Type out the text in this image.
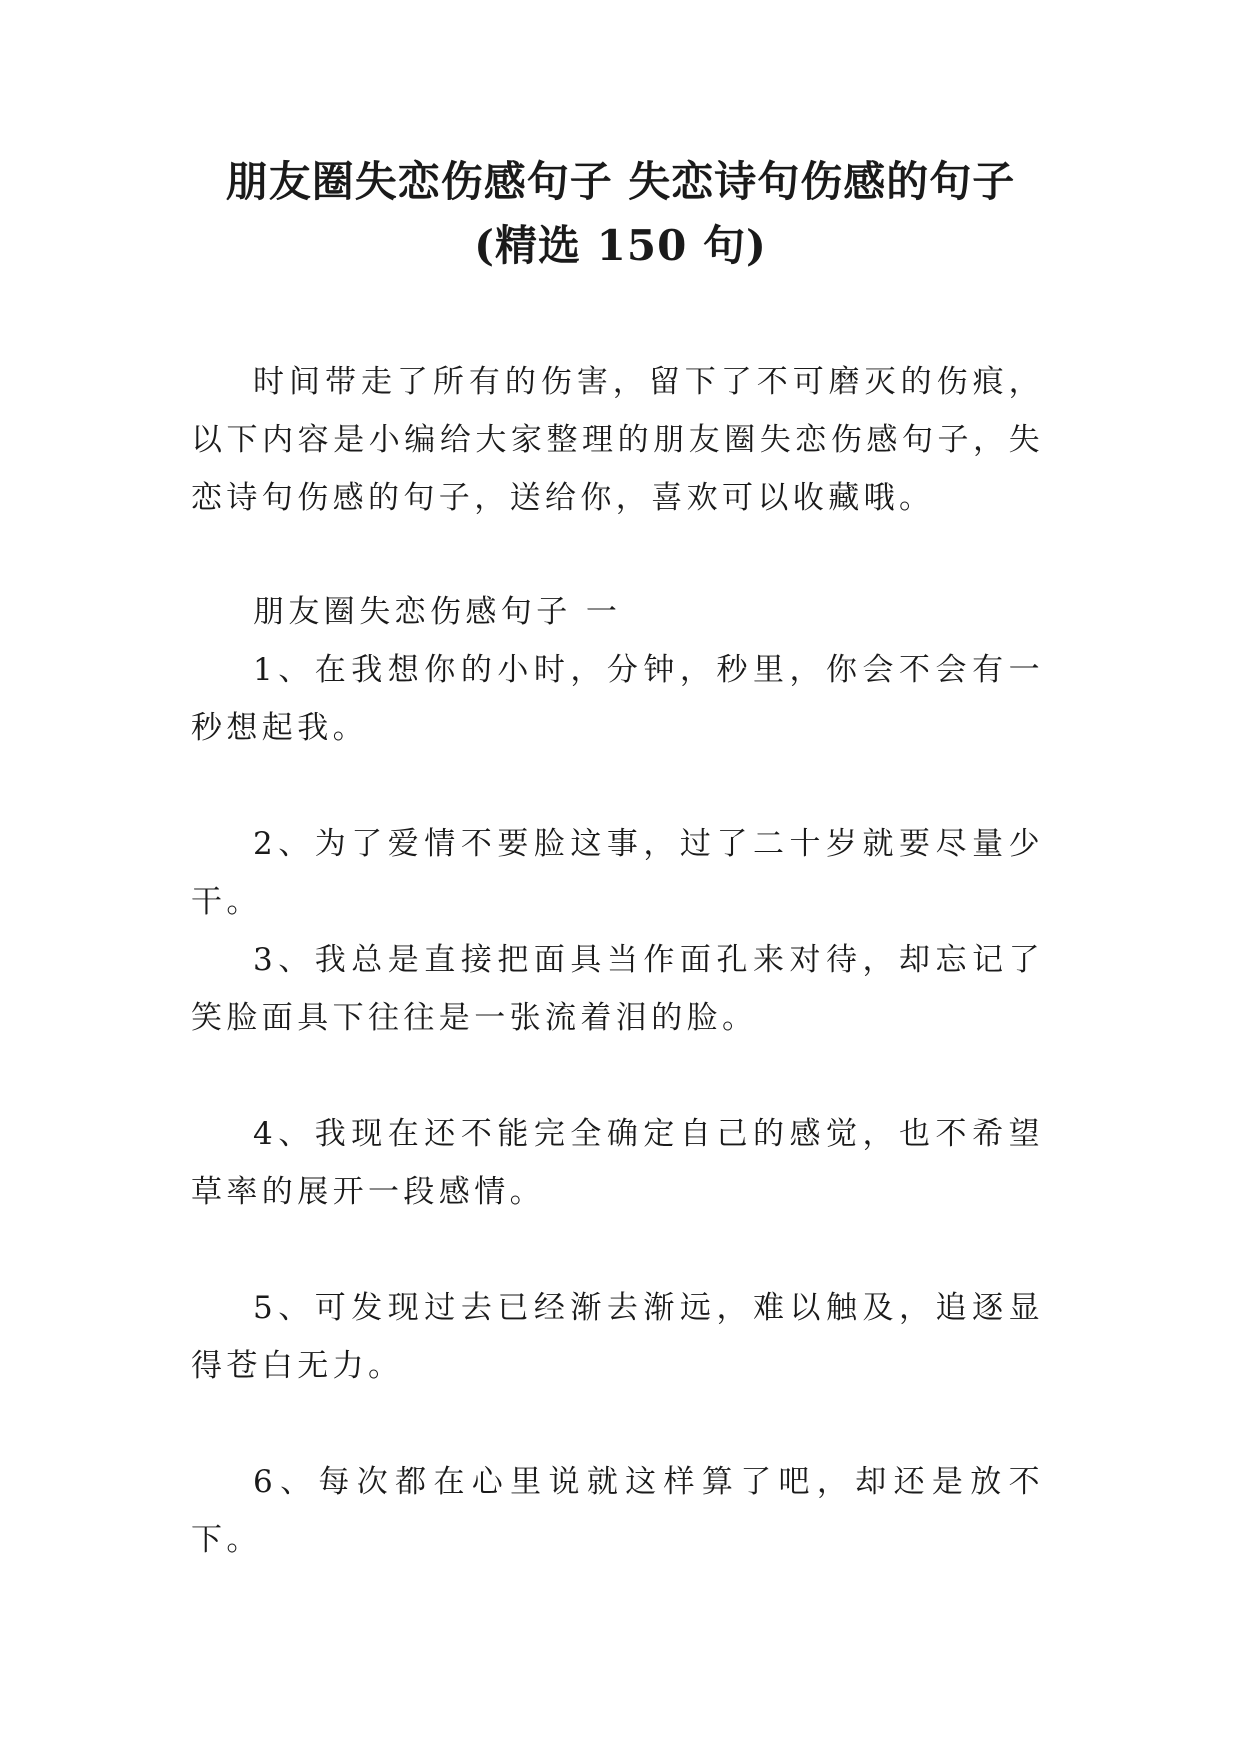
朋友圈失恋伤感句子 失恋诗句伤感的句子
(精选 150 句)

时间带走了所有的伤害，留下了不可磨灭的伤痕，以下内容是小编给大家整理的朋友圈失恋伤感句子，失恋诗句伤感的句子，送给你，喜欢可以收藏哦。

朋友圈失恋伤感句子 一

1、在我想你的小时，分钟，秒里，你会不会有一秒想起我。

2、为了爱情不要脸这事，过了二十岁就要尽量少干。

3、我总是直接把面具当作面孔来对待，却忘记了笑脸面具下往往是一张流着泪的脸。

4、我现在还不能完全确定自己的感觉，也不希望草率的展开一段感情。

5、可发现过去已经渐去渐远，难以触及，追逐显得苍白无力。

6、每次都在心里说就这样算了吧，却还是放不下。
